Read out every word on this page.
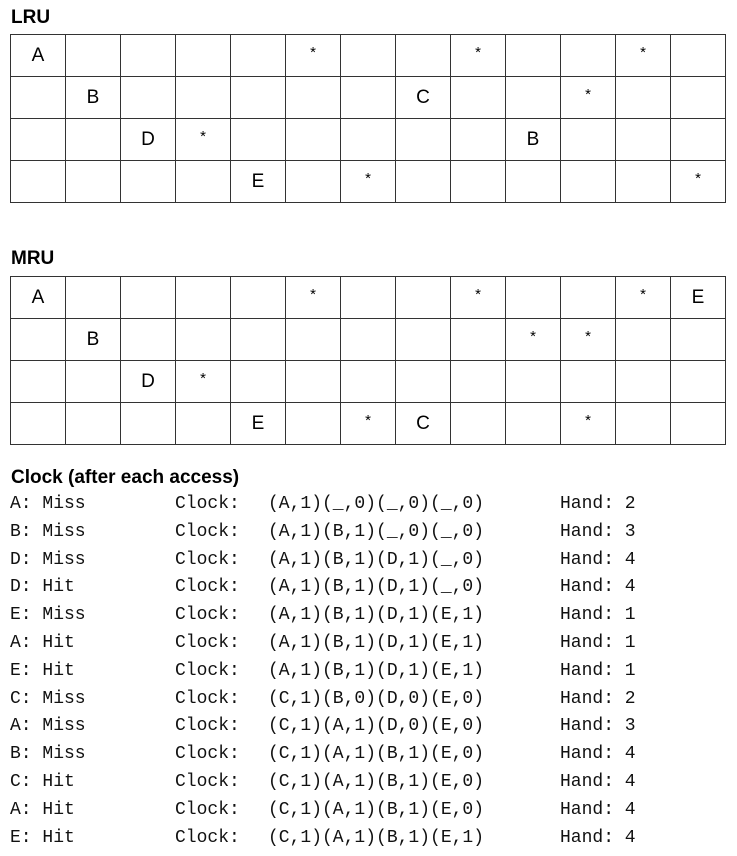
LRU
A					*			*			*	
	B						C			*		
		D	*						B			
				E		*						*
MRU
A					*			*			*	E
	B								*	*		
		D	*									
				E		*	C			*		
Clock (after each access)
A: Miss	Clock: (A,1)(_,0)(_,0)(_,0)	Hand: 2
B: Miss	Clock: (A,1)(B,1)(_,0)(_,0)	Hand: 3
D: Miss	Clock: (A,1)(B,1)(D,1)(_,0)	Hand: 4
D: Hit	Clock: (A,1)(B,1)(D,1)(_,0)	Hand: 4
E: Miss	Clock: (A,1)(B,1)(D,1)(E,1)	Hand: 1
A: Hit	Clock: (A,1)(B,1)(D,1)(E,1)	Hand: 1
E: Hit	Clock: (A,1)(B,1)(D,1)(E,1)	Hand: 1
C: Miss	Clock: (C,1)(B,0)(D,0)(E,0)	Hand: 2
A: Miss	Clock: (C,1)(A,1)(D,0)(E,0)	Hand: 3
B: Miss	Clock: (C,1)(A,1)(B,1)(E,0)	Hand: 4
C: Hit	Clock: (C,1)(A,1)(B,1)(E,0)	Hand: 4
A: Hit	Clock: (C,1)(A,1)(B,1)(E,0)	Hand: 4
E: Hit	Clock: (C,1)(A,1)(B,1)(E,1)	Hand: 4
